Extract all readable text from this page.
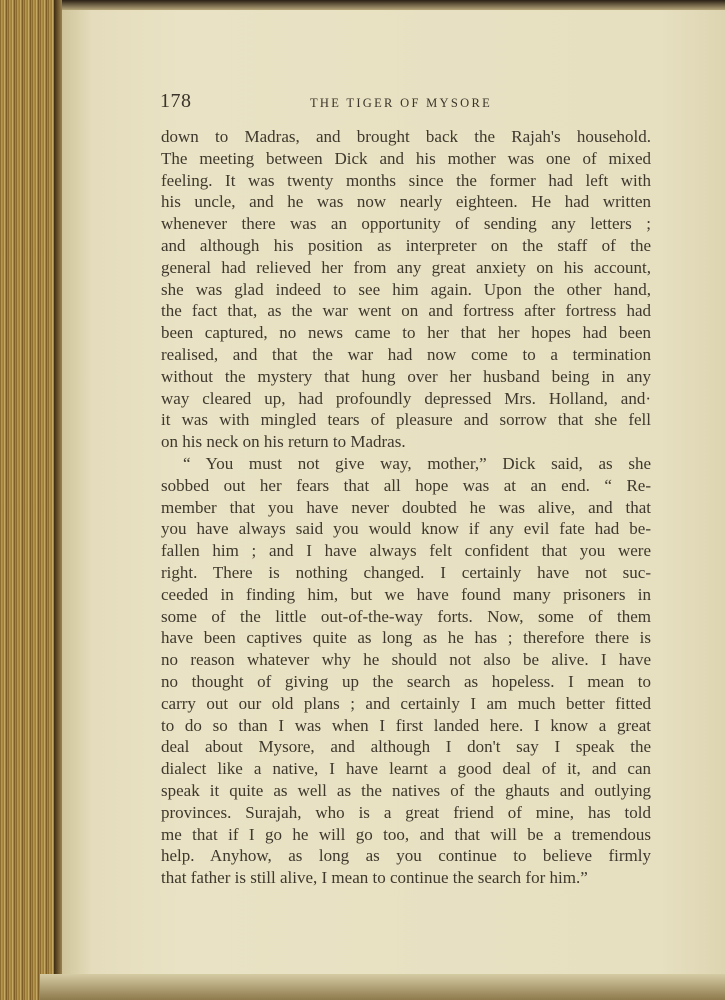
178	THE TIGER OF MYSORE
down to Madras, and brought back the Rajah's household.
The meeting between Dick and his mother was one of mixed
feeling. It was twenty months since the former had left with
his uncle, and he was now nearly eighteen. He had written
whenever there was an opportunity of sending any letters ;
and although his position as interpreter on the staff of the
general had relieved her from any great anxiety on his account,
she was glad indeed to see him again. Upon the other hand,
the fact that, as the war went on and fortress after fortress had
been captured, no news came to her that her hopes had been
realised, and that the war had now come to a termination
without the mystery that hung over her husband being in any
way cleared up, had profoundly depressed Mrs. Holland, and·
it was with mingled tears of pleasure and sorrow that she fell
on his neck on his return to Madras.
“ You must not give way, mother,” Dick said, as she
sobbed out her fears that all hope was at an end. “ Re-
member that you have never doubted he was alive, and that
you have always said you would know if any evil fate had be-
fallen him ; and I have always felt confident that you were
right. There is nothing changed. I certainly have not suc-
ceeded in finding him, but we have found many prisoners in
some of the little out-of-the-way forts. Now, some of them
have been captives quite as long as he has ; therefore there is
no reason whatever why he should not also be alive. I have
no thought of giving up the search as hopeless. I mean to
carry out our old plans ; and certainly I am much better fitted
to do so than I was when I first landed here. I know a great
deal about Mysore, and although I don't say I speak the
dialect like a native, I have learnt a good deal of it, and can
speak it quite as well as the natives of the ghauts and outlying
provinces. Surajah, who is a great friend of mine, has told
me that if I go he will go too, and that will be a tremendous
help. Anyhow, as long as you continue to believe firmly
that father is still alive, I mean to continue the search for him.”
